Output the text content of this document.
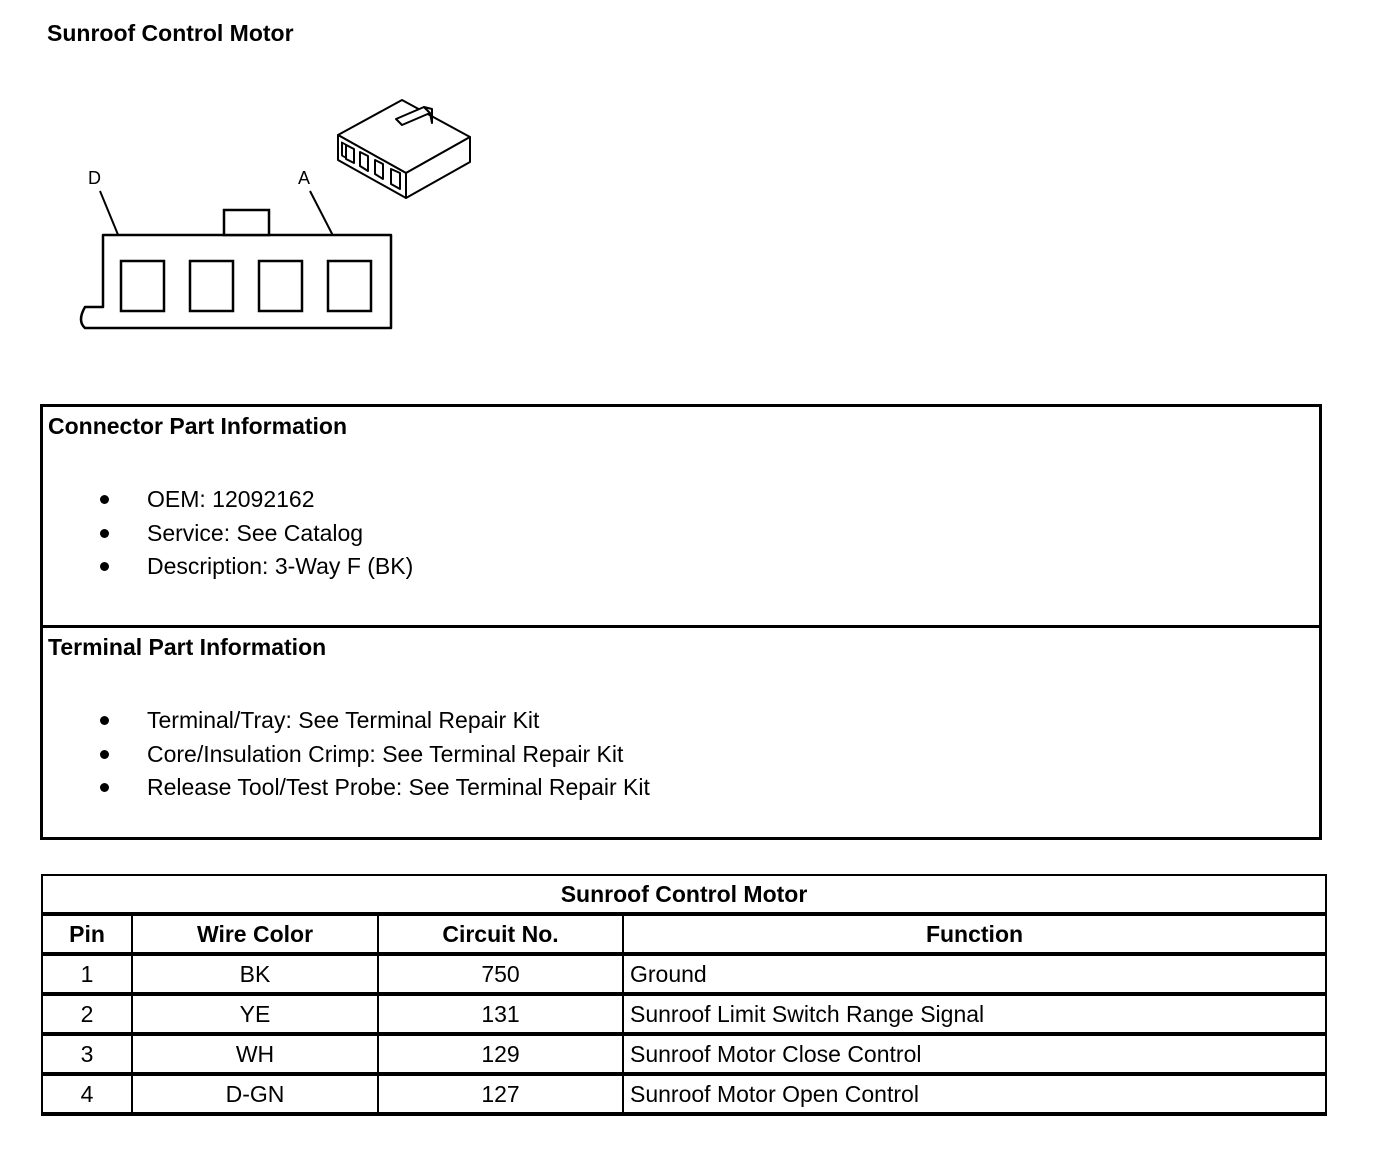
Sunroof Control Motor
D	A
Connector Part Information
OEM: 12092162
Service: See Catalog
Description: 3-Way F (BK)
Terminal Part Information
Terminal/Tray: See Terminal Repair Kit
Core/Insulation Crimp: See Terminal Repair Kit
Release Tool/Test Probe: See Terminal Repair Kit
Sunroof Control Motor			
Pin	Wire Color	Circuit No.	Function
1	BK	750	Ground
2	YE	131	Sunroof Limit Switch Range Signal
3	WH	129	Sunroof Motor Close Control
4	D-GN	127	Sunroof Motor Open Control
